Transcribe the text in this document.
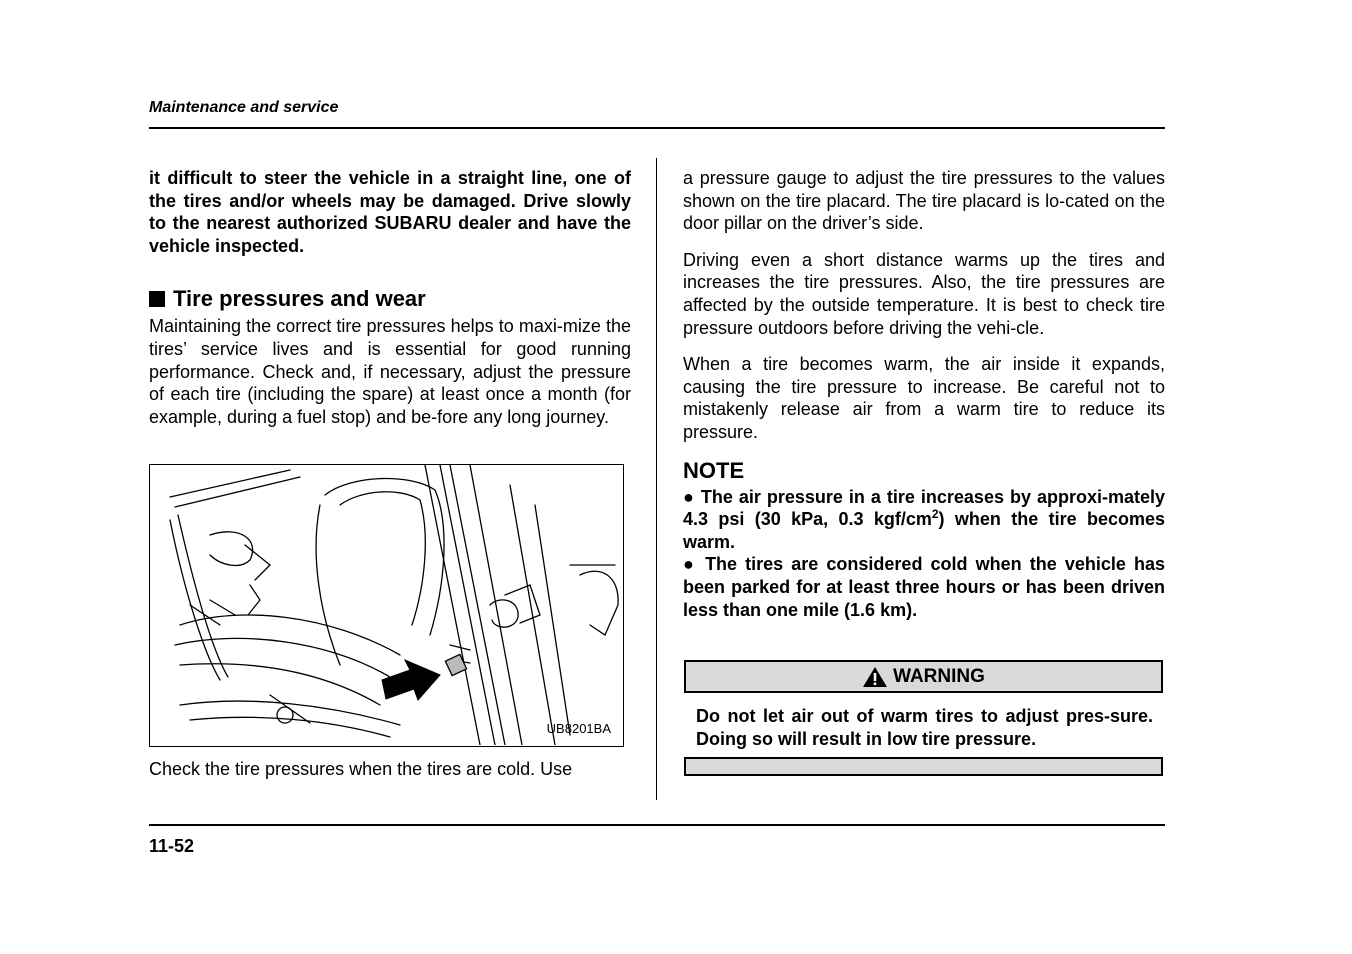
Maintenance and service

it difficult to steer the vehicle in a straight line, one of the tires and/or wheels may be damaged. Drive slowly to the nearest authorized SUBARU dealer and have the vehicle inspected.

Tire pressures and wear

Maintaining the correct tire pressures helps to maxi-mize the tires’ service lives and is essential for good running performance. Check and, if necessary, adjust the pressure of each tire (including the spare) at least once a month (for example, during a fuel stop) and be-fore any long journey.

UB8201BA
Check the tire pressures when the tires are cold. Use

a pressure gauge to adjust the tire pressures to the values shown on the tire placard. The tire placard is lo-cated on the door pillar on the driver’s side.

Driving even a short distance warms up the tires and increases the tire pressures. Also, the tire pressures are affected by the outside temperature. It is best to check tire pressure outdoors before driving the vehi-cle.

When a tire becomes warm, the air inside it expands, causing the tire pressure to increase. Be careful not to mistakenly release air from a warm tire to reduce its pressure.

NOTE

● The air pressure in a tire increases by approxi-mately 4.3 psi (30 kPa, 0.3 kgf/$cm^2$) when the tire becomes warm.

● The tires are considered cold when the vehicle has been parked for at least three hours or has been driven less than one mile (1.6 km).

WARNING
Do not let air out of warm tires to adjust pres-sure. Doing so will result in low tire pressure.
11-52
